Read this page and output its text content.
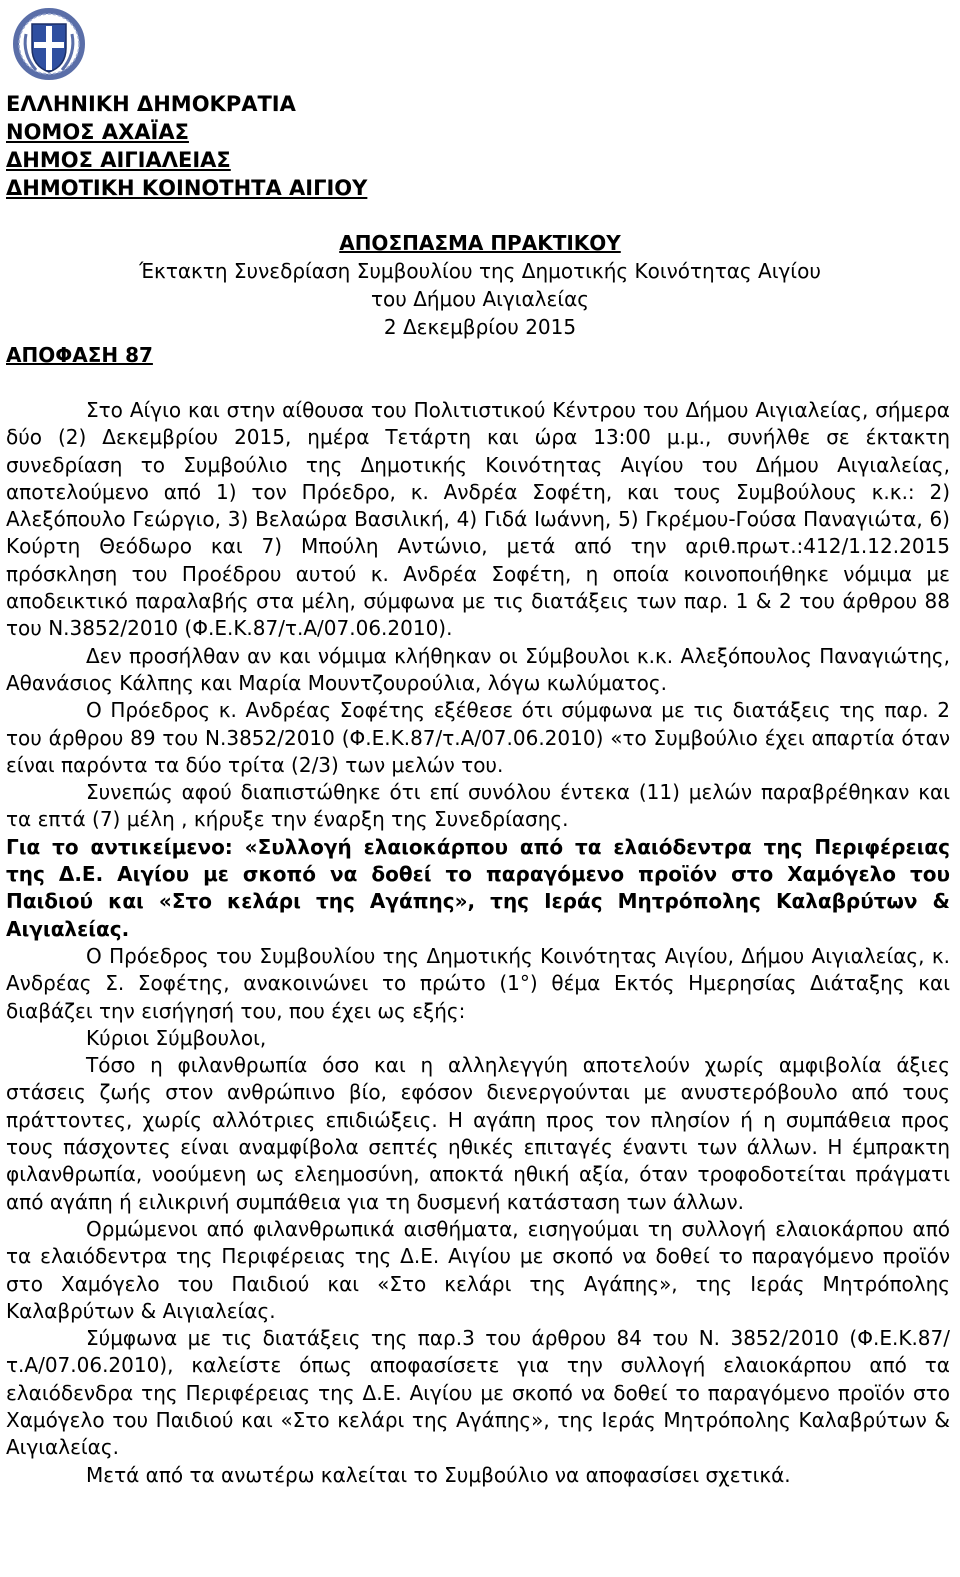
ΕΛΛΗΝΙΚΗ ΔΗΜΟΚΡΑΤΙΑ
ΝΟΜΟΣ ΑΧΑΪΑΣ
ΔΗΜΟΣ ΑΙΓΙΑΛΕΙΑΣ
ΔΗΜΟΤΙΚΗ ΚΟΙΝΟΤΗΤΑ ΑΙΓΙΟΥ
ΑΠΟΣΠΑΣΜΑ ΠΡΑΚΤΙΚΟΥ
Έκτακτη Συνεδρίαση Συμβουλίου της Δημοτικής Κοινότητας Αιγίου
του Δήμου Αιγιαλείας
2 Δεκεμβρίου 2015
ΑΠΟΦΑΣΗ 87

Στο Αίγιο και στην αίθουσα του Πολιτιστικού Κέντρου του Δήμου Αιγιαλείας, σήμερα δύο (2) Δεκεμβρίου 2015, ημέρα Τετάρτη και ώρα 13:00 μ.μ., συνήλθε σε έκτακτη συνεδρίαση το Συμβούλιο της Δημοτικής Κοινότητας Αιγίου του Δήμου Αιγιαλείας, αποτελούμενο από 1) τον Πρόεδρο, κ. Ανδρέα Σοφέτη, και τους Συμβούλους κ.κ.: 2) Αλεξόπουλο Γεώργιο, 3) Βελαώρα Βασιλική, 4) Γιδά Ιωάννη, 5) Γκρέμου-Γούσα Παναγιώτα, 6) Κούρτη Θεόδωρο και 7) Μπούλη Αντώνιο, μετά από την αριθ.πρωτ.:412/1.12.2015 πρόσκληση του Προέδρου αυτού κ. Ανδρέα Σοφέτη, η οποία κοινοποιήθηκε νόμιμα με αποδεικτικό παραλαβής στα μέλη, σύμφωνα με τις διατάξεις των παρ. 1 & 2 του άρθρου 88 του Ν.3852/2010 (Φ.Ε.Κ.87/τ.Α/07.06.2010).

Δεν προσήλθαν αν και νόμιμα κλήθηκαν οι Σύμβουλοι κ.κ. Αλεξόπουλος Παναγιώτης, Αθανάσιος Κάλπης και Μαρία Μουντζουρούλια, λόγω κωλύματος.

Ο Πρόεδρος κ. Ανδρέας Σοφέτης εξέθεσε ότι σύμφωνα με τις διατάξεις της παρ. 2 του άρθρου 89 του Ν.3852/2010 (Φ.Ε.Κ.87/τ.Α/07.06.2010) «το Συμβούλιο έχει απαρτία όταν είναι παρόντα τα δύο τρίτα (2/3) των μελών του.

Συνεπώς αφού διαπιστώθηκε ότι επί συνόλου έντεκα (11) μελών παραβρέθηκαν και τα επτά (7) μέλη , κήρυξε την έναρξη της Συνεδρίασης.

Για το αντικείμενο: «Συλλογή ελαιοκάρπου από τα ελαιόδεντρα της Περιφέρειας της Δ.Ε. Αιγίου με σκοπό να δοθεί το παραγόμενο προϊόν στο Χαμόγελο του Παιδιού και «Στο κελάρι της Αγάπης», της Ιεράς Μητρόπολης Καλαβρύτων & Αιγιαλείας.

Ο Πρόεδρος του Συμβουλίου της Δημοτικής Κοινότητας Αιγίου, Δήμου Αιγιαλείας, κ. Ανδρέας Σ. Σοφέτης, ανακοινώνει το πρώτο (1°) θέμα Εκτός Ημερησίας Διάταξης και διαβάζει την εισήγησή του, που έχει ως εξής:

Κύριοι Σύμβουλοι,

Τόσο η φιλανθρωπία όσο και η αλληλεγγύη αποτελούν χωρίς αμφιβολία άξιες στάσεις ζωής στον ανθρώπινο βίο, εφόσον διενεργούνται με ανυστερόβουλο από τους πράττοντες, χωρίς αλλότριες επιδιώξεις. Η αγάπη προς τον πλησίον ή η συμπάθεια προς τους πάσχοντες είναι αναμφίβολα σεπτές ηθικές επιταγές έναντι των άλλων. Η έμπρακτη φιλανθρωπία, νοούμενη ως ελεημοσύνη, αποκτά ηθική αξία, όταν τροφοδοτείται πράγματι από αγάπη ή ειλικρινή συμπάθεια για τη δυσμενή κατάσταση των άλλων.

Ορμώμενοι από φιλανθρωπικά αισθήματα, εισηγούμαι τη συλλογή ελαιοκάρπου από τα ελαιόδεντρα της Περιφέρειας της Δ.Ε. Αιγίου με σκοπό να δοθεί το παραγόμενο προϊόν στο Χαμόγελο του Παιδιού και «Στο κελάρι της Αγάπης», της Ιεράς Μητρόπολης Καλαβρύτων & Αιγιαλείας.

Σύμφωνα με τις διατάξεις της παρ.3 του άρθρου 84 του Ν. 3852/2010 (Φ.Ε.Κ.87/τ.Α/07.06.2010), καλείστε όπως αποφασίσετε για την συλλογή ελαιοκάρπου από τα ελαιόδενδρα της Περιφέρειας της Δ.Ε. Αιγίου με σκοπό να δοθεί το παραγόμενο προϊόν στο Χαμόγελο του Παιδιού και «Στο κελάρι της Αγάπης», της Ιεράς Μητρόπολης Καλαβρύτων & Αιγιαλείας.

Μετά από τα ανωτέρω καλείται το Συμβούλιο να αποφασίσει σχετικά.
